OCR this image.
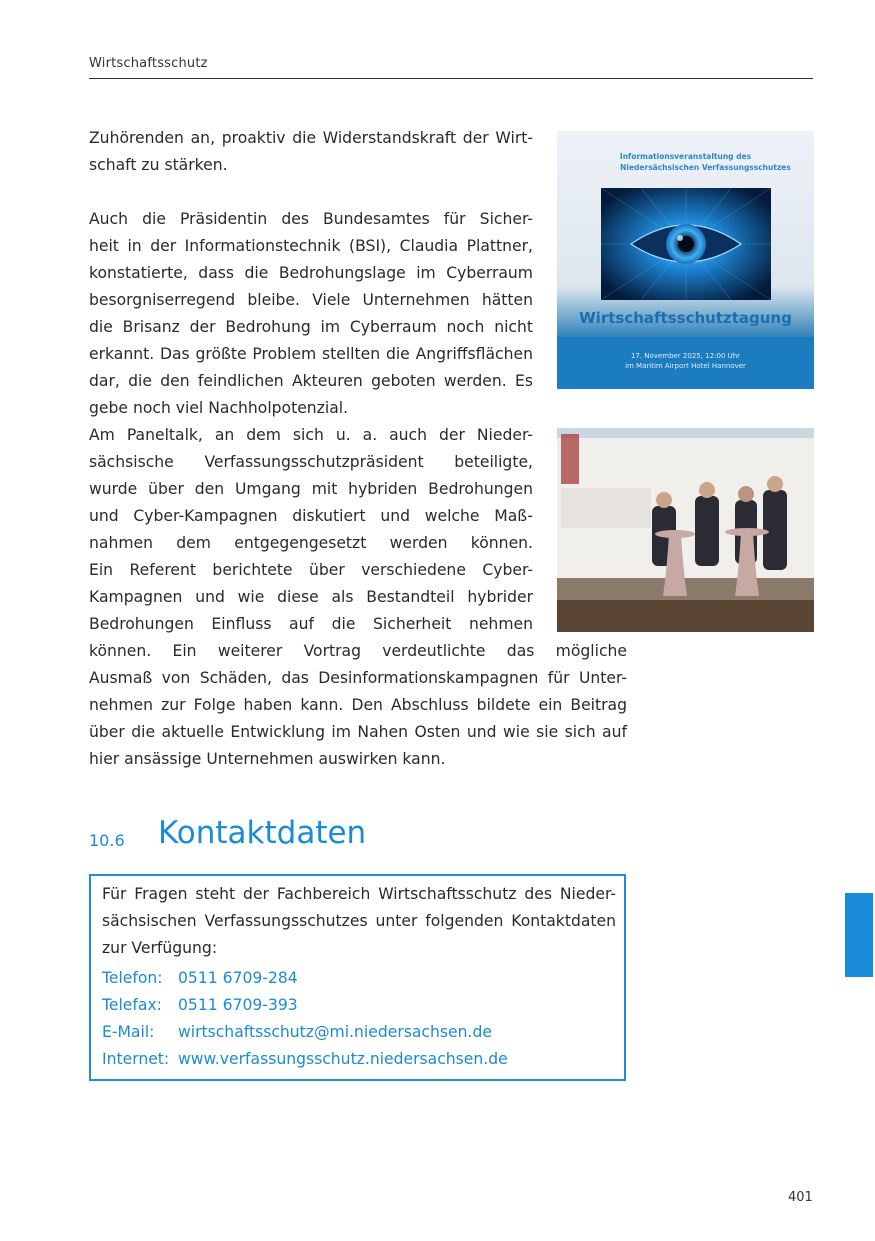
Wirtschaftsschutz
Zuhörenden an, proaktiv die Widerstandskraft der Wirt-
schaft zu stärken.
Auch die Präsidentin des Bundesamtes für Sicher-
heit in der Informationstechnik (BSI), Claudia Plattner,
konstatierte, dass die Bedrohungslage im Cyberraum
besorgniserregend bleibe. Viele Unternehmen hätten
die Brisanz der Bedrohung im Cyberraum noch nicht
erkannt. Das größte Problem stellten die Angriffsflächen
dar, die den feindlichen Akteuren geboten werden. Es
gebe noch viel Nachholpotenzial.
Am Paneltalk, an dem sich u. a. auch der Nieder-
sächsische Verfassungsschutzpräsident beteiligte,
wurde über den Umgang mit hybriden Bedrohungen
und Cyber-Kampagnen diskutiert und welche Maß-
nahmen dem entgegengesetzt werden können.
Ein Referent berichtete über verschiedene Cyber-
Kampagnen und wie diese als Bestandteil hybrider
Bedrohungen Einfluss auf die Sicherheit nehmen
können. Ein weiterer Vortrag verdeutlichte das mögliche
Ausmaß von Schäden, das Desinformationskampagnen für Unter-
nehmen zur Folge haben kann. Den Abschluss bildete ein Beitrag
über die aktuelle Entwicklung im Nahen Osten und wie sie sich auf
hier ansässige Unternehmen auswirken kann.
Informationsveranstaltung des
Niedersächsischen Verfassungsschutzes
Wirtschaftsschutztagung
17. November 2025, 12:00 Uhr
im Maritim Airport Hotel Hannover
10.6 Kontaktdaten
Für Fragen steht der Fachbereich Wirtschaftsschutz des Nieder-
sächsischen Verfassungsschutzes unter folgenden Kontaktdaten
zur Verfügung:
Telefon: 0511 6709-284
Telefax: 0511 6709-393
E-Mail: wirtschaftsschutz@mi.niedersachsen.de
Internet: www.verfassungsschutz.niedersachsen.de
401
